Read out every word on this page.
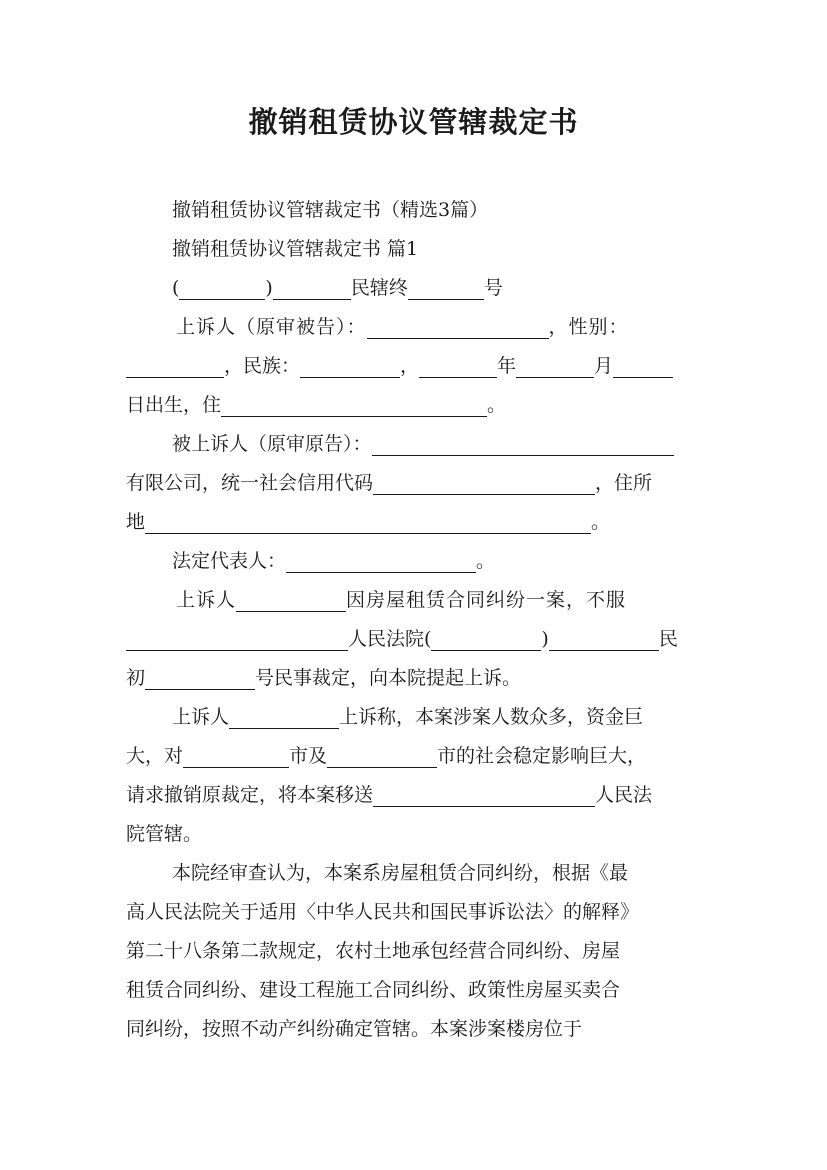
撤销租赁协议管辖裁定书
撤销租赁协议管辖裁定书（精选3篇）
撤销租赁协议管辖裁定书 篇1
(	)	民辖终	号
上诉人（原审被告）：	，性别：
，民族：	，	年	月
日出生，住	。
被上诉人（原审原告）：
有限公司，统一社会信用代码	，住所
地	。
法定代表人：	。
上诉人	因房屋租赁合同纠纷一案，不服
人民法院(	)	民
初	号民事裁定，向本院提起上诉。
上诉人	上诉称，本案涉案人数众多，资金巨
大，对	市及	市的社会稳定影响巨大，
请求撤销原裁定，将本案移送	人民法
院管辖。
本院经审查认为，本案系房屋租赁合同纠纷，根据《最
高人民法院关于适用〈中华人民共和国民事诉讼法〉的解释》
第二十八条第二款规定，农村土地承包经营合同纠纷、房屋
租赁合同纠纷、建设工程施工合同纠纷、政策性房屋买卖合
同纠纷，按照不动产纠纷确定管辖。本案涉案楼房位于
